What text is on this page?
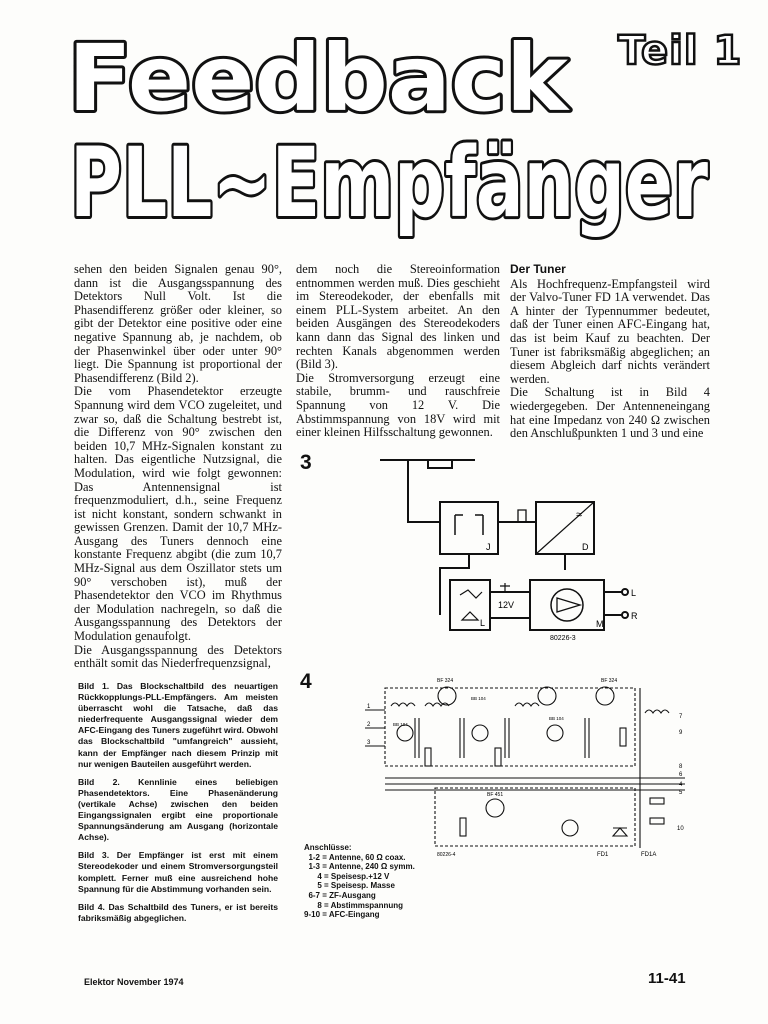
Feedback
PLL~Empfänger
Teil 1

sehen den beiden Signalen genau 90°, dann ist die Ausgangsspannung des Detektors Null Volt. Ist die Phasendifferenz größer oder kleiner, so gibt der Detektor eine positive oder eine negative Spannung ab, je nachdem, ob der Phasenwinkel über oder unter 90° liegt. Die Spannung ist proportional der Phasendifferenz (Bild 2).

Die vom Phasendetektor erzeugte Spannung wird dem VCO zugeleitet, und zwar so, daß die Schaltung bestrebt ist, die Differenz von 90° zwischen den beiden 10,7 MHz-Signalen konstant zu halten. Das eigentliche Nutzsignal, die Modulation, wird wie folgt gewonnen: Das Antennensignal ist frequenzmoduliert, d.h., seine Frequenz ist nicht konstant, sondern schwankt in gewissen Grenzen. Damit der 10,7 MHz-Ausgang des Tuners dennoch eine konstante Frequenz abgibt (die zum 10,7 MHz-Signal aus dem Oszillator stets um 90° verschoben ist), muß der Phasendetektor den VCO im Rhythmus der Modulation nachregeln, so daß die Ausgangsspannung des Detektors der Modulation genaufolgt.

Die Ausgangsspannung des Detektors enthält somit das Niederfrequenzsignal,

dem noch die Stereoinformation entnommen werden muß. Dies geschieht im Stereodekoder, der ebenfalls mit einem PLL-System arbeitet. An den beiden Ausgängen des Stereodekoders kann dann das Signal des linken und rechten Kanals abgenommen werden (Bild 3).

Die Stromversorgung erzeugt eine stabile, brumm- und rauschfreie Spannung von 12 V. Die Abstimmspannung von 18V wird mit einer kleinen Hilfsschaltung gewonnen.

Der Tuner

Als Hochfrequenz-Empfangsteil wird der Valvo-Tuner FD 1A verwendet. Das A hinter der Typennummer bedeutet, daß der Tuner einen AFC-Eingang hat, das ist beim Kauf zu beachten. Der Tuner ist fabriksmäßig abgeglichen; an diesem Abgleich darf nichts verändert werden.

Die Schaltung ist in Bild 4 wiedergegeben. Der Antenneneingang hat eine Impedanz von 240 Ω zwischen den Anschlußpunkten 1 und 3 und eine

3
4
J	D
≈
L	M
L
R
12V
80226-3
BF 324	BF 324
BF 451
BB 104
BB 104
BB 104
1
2
3
7
9
8
6
4
5
10
80226-4	FD1	FD1A

Bild 1. Das Blockschaltbild des neuartigen Rückkopplungs-PLL-Empfängers. Am meisten überrascht wohl die Tatsache, daß das niederfrequente Ausgangssignal wieder dem AFC-Eingang des Tuners zugeführt wird. Obwohl das Blockschaltbild "umfangreich" aussieht, kann der Empfänger nach diesem Prinzip mit nur wenigen Bauteilen ausgeführt werden.

Bild 2. Kennlinie eines beliebigen Phasendetektors. Eine Phasenänderung (vertikale Achse) zwischen den beiden Eingangssignalen ergibt eine proportionale Spannungsänderung am Ausgang (horizontale Achse).

Bild 3. Der Empfänger ist erst mit einem Stereodekoder und einem Stromversorgungsteil komplett. Ferner muß eine ausreichend hohe Spannung für die Abstimmung vorhanden sein.

Bild 4. Das Schaltbild des Tuners, er ist bereits fabriksmäßig abgeglichen.

Anschlüsse:
1-2 = Antenne, 60 Ω coax.
1-3 = Antenne, 240 Ω symm.
4 = Speisesp.+12 V
5 = Speisesp. Masse
6-7 = ZF-Ausgang
8 = Abstimmspannung
9-10 = AFC-Eingang
Elektor November 1974	11-41
